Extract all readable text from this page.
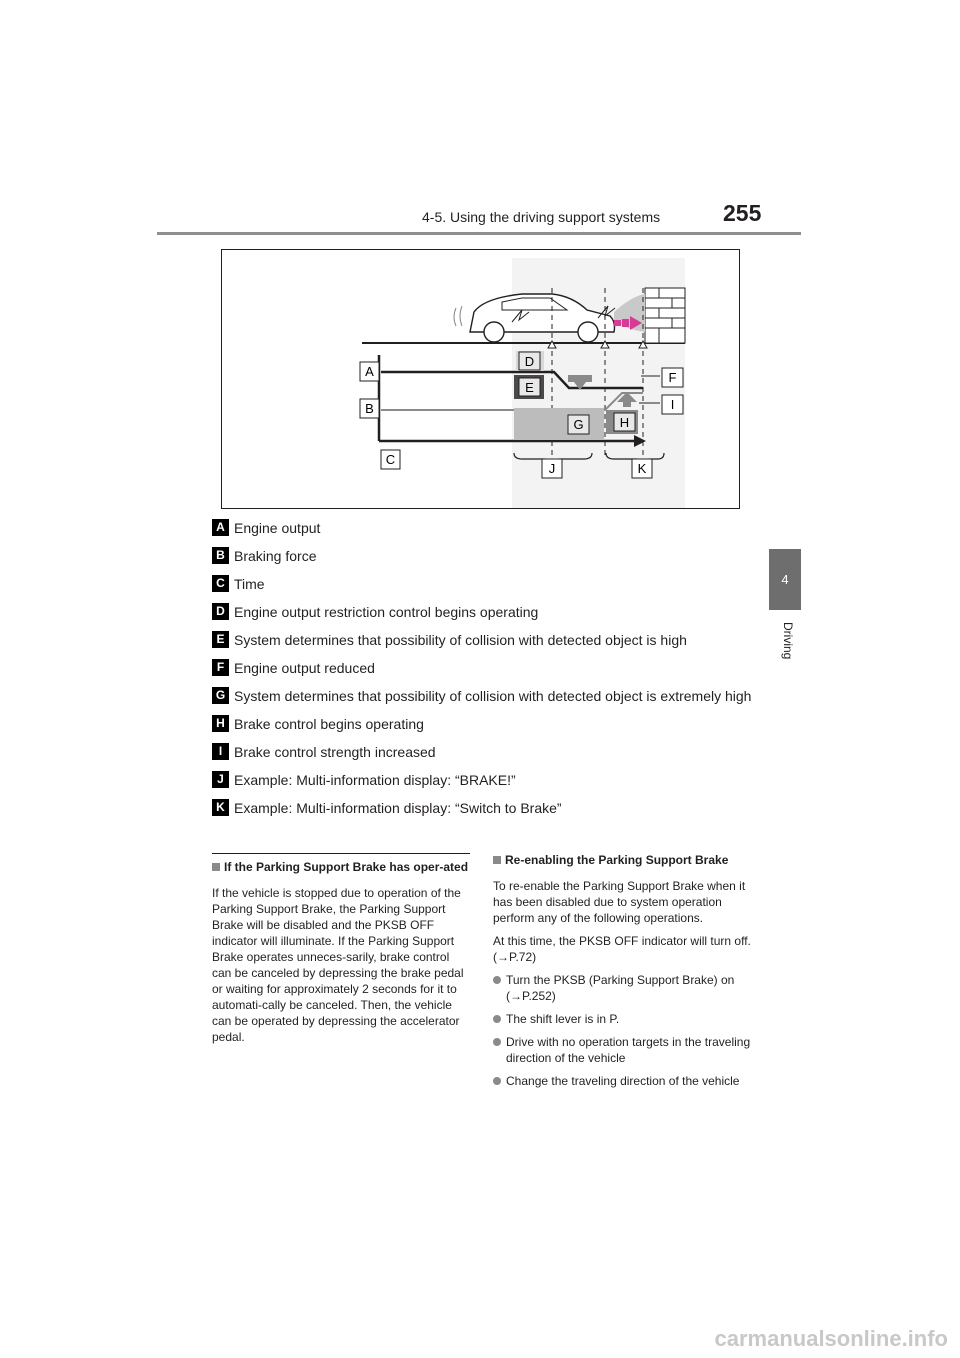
4-5. Using the driving support systems	255
4
Driving
A
B
C
D
E
F
G	H
I
J	K
A Engine output
B Braking force
C Time
D Engine output restriction control begins operating
E System determines that possibility of collision with detected object is high
F Engine output reduced
G System determines that possibility of collision with detected object is extremely high
H Brake control begins operating
I Brake control strength increased
J Example: Multi-information display: “BRAKE!”
K Example: Multi-information display: “Switch to Brake”
If the Parking Support Brake has oper-ated
If the vehicle is stopped due to operation of the Parking Support Brake, the Parking Support Brake will be disabled and the PKSB OFF indicator will illuminate. If the Parking Support Brake operates unneces-sarily, brake control can be canceled by depressing the brake pedal or waiting for approximately 2 seconds for it to automati-cally be canceled. Then, the vehicle can be operated by depressing the accelerator pedal.
Re-enabling the Parking Support Brake
To re-enable the Parking Support Brake when it has been disabled due to system operation perform any of the following operations.
At this time, the PKSB OFF indicator will turn off. (→P.72)
Turn the PKSB (Parking Support Brake) on (→P.252)
The shift lever is in P.
Drive with no operation targets in the traveling direction of the vehicle
Change the traveling direction of the vehicle
carmanualsonline.info
